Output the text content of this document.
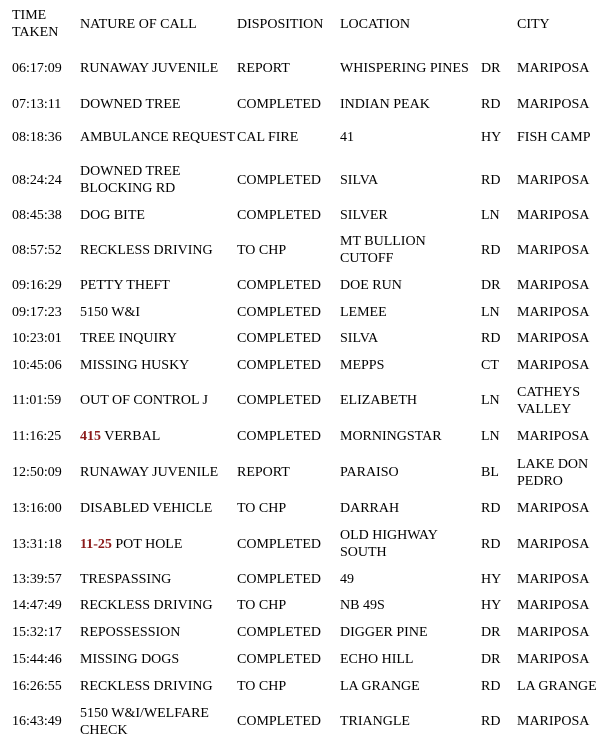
TIME
TAKEN	NATURE OF CALL	DISPOSITION	LOCATION		CITY
06:17:09	RUNAWAY JUVENILE	REPORT	WHISPERING PINES	DR	MARIPOSA
07:13:11	DOWNED TREE	COMPLETED	INDIAN PEAK	RD	MARIPOSA
08:18:36	AMBULANCE REQUEST	CAL FIRE	41	HY	FISH CAMP
08:24:24	DOWNED TREE BLOCKING RD	COMPLETED	SILVA	RD	MARIPOSA
08:45:38	DOG BITE	COMPLETED	SILVER	LN	MARIPOSA
08:57:52	RECKLESS DRIVING	TO CHP	MT BULLION CUTOFF	RD	MARIPOSA
09:16:29	PETTY THEFT	COMPLETED	DOE RUN	DR	MARIPOSA
09:17:23	5150 W&I	COMPLETED	LEMEE	LN	MARIPOSA
10:23:01	TREE INQUIRY	COMPLETED	SILVA	RD	MARIPOSA
10:45:06	MISSING HUSKY	COMPLETED	MEPPS	CT	MARIPOSA
11:01:59	OUT OF CONTROL J	COMPLETED	ELIZABETH	LN	CATHEYS VALLEY
11:16:25	415 VERBAL	COMPLETED	MORNINGSTAR	LN	MARIPOSA
12:50:09	RUNAWAY JUVENILE	REPORT	PARAISO	BL	LAKE DON PEDRO
13:16:00	DISABLED VEHICLE	TO CHP	DARRAH	RD	MARIPOSA
13:31:18	11-25 POT HOLE	COMPLETED	OLD HIGHWAY SOUTH	RD	MARIPOSA
13:39:57	TRESPASSING	COMPLETED	49	HY	MARIPOSA
14:47:49	RECKLESS DRIVING	TO CHP	NB 49S	HY	MARIPOSA
15:32:17	REPOSSESSION	COMPLETED	DIGGER PINE	DR	MARIPOSA
15:44:46	MISSING DOGS	COMPLETED	ECHO HILL	DR	MARIPOSA
16:26:55	RECKLESS DRIVING	TO CHP	LA GRANGE	RD	LA GRANGE
16:43:49	5150 W&I/WELFARE CHECK	COMPLETED	TRIANGLE	RD	MARIPOSA
